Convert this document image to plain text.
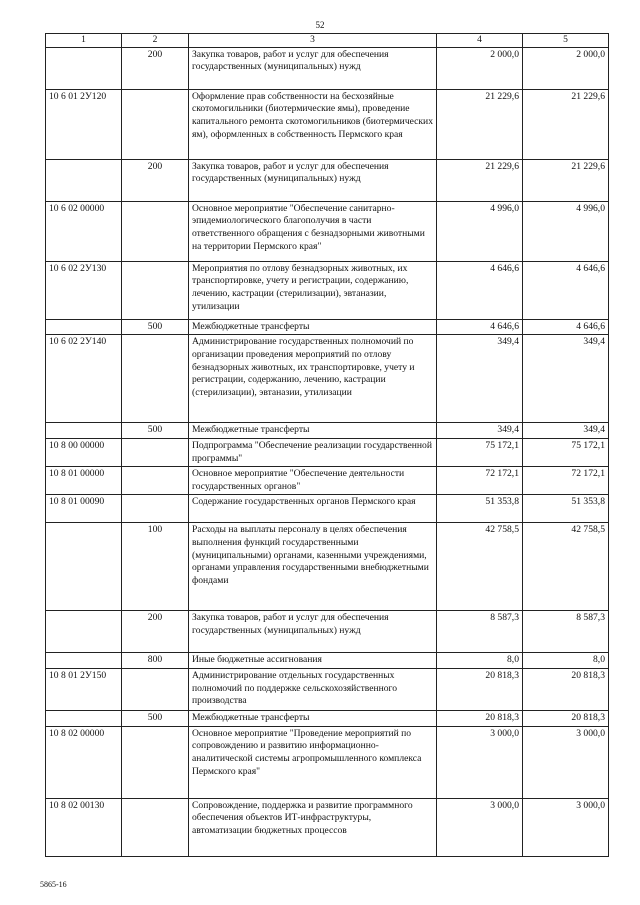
52
1	2	3	4	5
	200	Закупка товаров, работ и услуг для обеспечения государственных (муниципальных) нужд	2 000,0	2 000,0
10 6 01 2У120		Оформление прав собственности на бесхозяйные скотомогильники (биотермические ямы), проведение капитального ремонта скотомогильников (биотермических ям), оформленных в собственность Пермского края	21 229,6	21 229,6
	200	Закупка товаров, работ и услуг для обеспечения государственных (муниципальных) нужд	21 229,6	21 229,6
10 6 02 00000		Основное мероприятие "Обеспечение санитарно-эпидемиологического благополучия в части ответственного обращения с безнадзорными животными на территории Пермского края"	4 996,0	4 996,0
10 6 02 2У130		Мероприятия по отлову безнадзорных животных, их транспортировке, учету и регистрации, содержанию, лечению, кастрации (стерилизации), эвтаназии, утилизации	4 646,6	4 646,6
	500	Межбюджетные трансферты	4 646,6	4 646,6
10 6 02 2У140		Администрирование государственных полномочий по организации проведения мероприятий по отлову безнадзорных животных, их транспортировке, учету и регистрации, содержанию, лечению, кастрации (стерилизации), эвтаназии, утилизации	349,4	349,4
	500	Межбюджетные трансферты	349,4	349,4
10 8 00 00000		Подпрограмма "Обеспечение реализации государственной программы"	75 172,1	75 172,1
10 8 01 00000		Основное мероприятие "Обеспечение деятельности государственных органов"	72 172,1	72 172,1
10 8 01 00090		Содержание государственных органов Пермского края	51 353,8	51 353,8
	100	Расходы на выплаты персоналу в целях обеспечения выполнения функций государственными (муниципальными) органами, казенными учреждениями, органами управления государственными внебюджетными фондами	42 758,5	42 758,5
	200	Закупка товаров, работ и услуг для обеспечения государственных (муниципальных) нужд	8 587,3	8 587,3
	800	Иные бюджетные ассигнования	8,0	8,0
10 8 01 2У150		Администрирование отдельных государственных полномочий по поддержке сельскохозяйственного производства	20 818,3	20 818,3
	500	Межбюджетные трансферты	20 818,3	20 818,3
10 8 02 00000		Основное мероприятие "Проведение мероприятий по сопровождению и развитию информационно-аналитической системы агропромышленного комплекса Пермского края"	3 000,0	3 000,0
10 8 02 00130		Сопровождение, поддержка и развитие программного обеспечения объектов ИТ-инфраструктуры, автоматизации бюджетных процессов	3 000,0	3 000,0
5865-16
